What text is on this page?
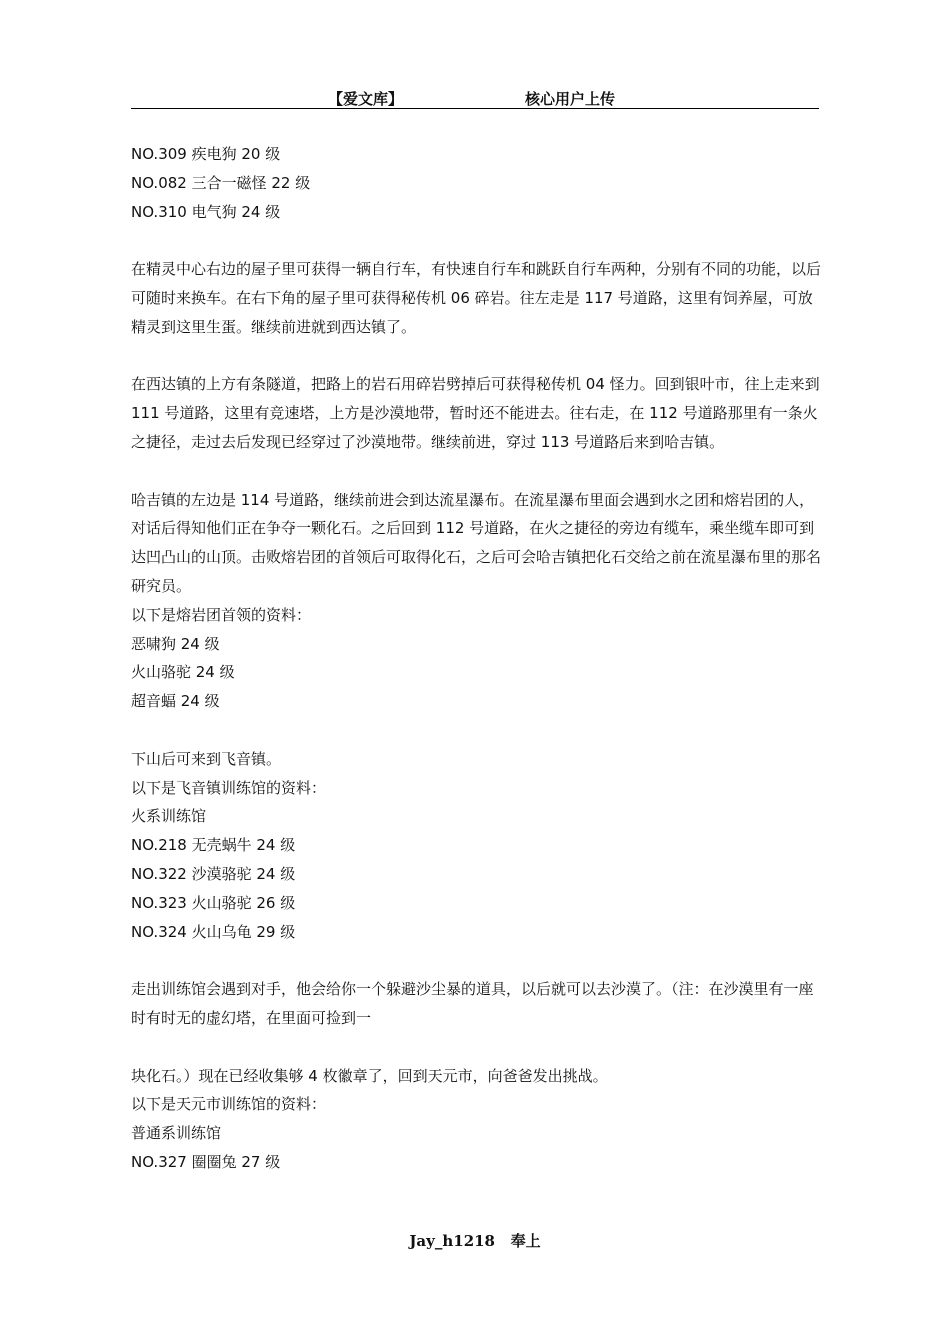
【爱文库】	核心用户上传

NO.309 疾电狗 20 级

NO.082 三合一磁怪 22 级

NO.310 电气狗 24 级

在精灵中心右边的屋子里可获得一辆自行车，有快速自行车和跳跃自行车两种，分别有不同的功能，以后可随时来换车。在右下角的屋子里可获得秘传机 06 碎岩。往左走是 117 号道路，这里有饲养屋，可放精灵到这里生蛋。继续前进就到西达镇了。

在西达镇的上方有条隧道，把路上的岩石用碎岩劈掉后可获得秘传机 04 怪力。回到银叶市，往上走来到 111 号道路，这里有竞速塔，上方是沙漠地带，暂时还不能进去。往右走，在 112 号道路那里有一条火之捷径，走过去后发现已经穿过了沙漠地带。继续前进，穿过 113 号道路后来到哈吉镇。

哈吉镇的左边是 114 号道路，继续前进会到达流星瀑布。在流星瀑布里面会遇到水之团和熔岩团的人，对话后得知他们正在争夺一颗化石。之后回到 112 号道路，在火之捷径的旁边有缆车，乘坐缆车即可到达凹凸山的山顶。击败熔岩团的首领后可取得化石，之后可会哈吉镇把化石交给之前在流星瀑布里的那名研究员。

以下是熔岩团首领的资料：

恶啸狗 24 级

火山骆驼 24 级

超音蝠 24 级

下山后可来到飞音镇。

以下是飞音镇训练馆的资料：

火系训练馆

NO.218 无壳蜗牛 24 级

NO.322 沙漠骆驼 24 级

NO.323 火山骆驼 26 级

NO.324 火山乌龟 29 级

走出训练馆会遇到对手，他会给你一个躲避沙尘暴的道具，以后就可以去沙漠了。（注：在沙漠里有一座时有时无的虚幻塔，在里面可捡到一

块化石。）现在已经收集够 4 枚徽章了，回到天元市，向爸爸发出挑战。

以下是天元市训练馆的资料：

普通系训练馆

NO.327 圈圈兔 27 级

Jay_h1218   奉上
